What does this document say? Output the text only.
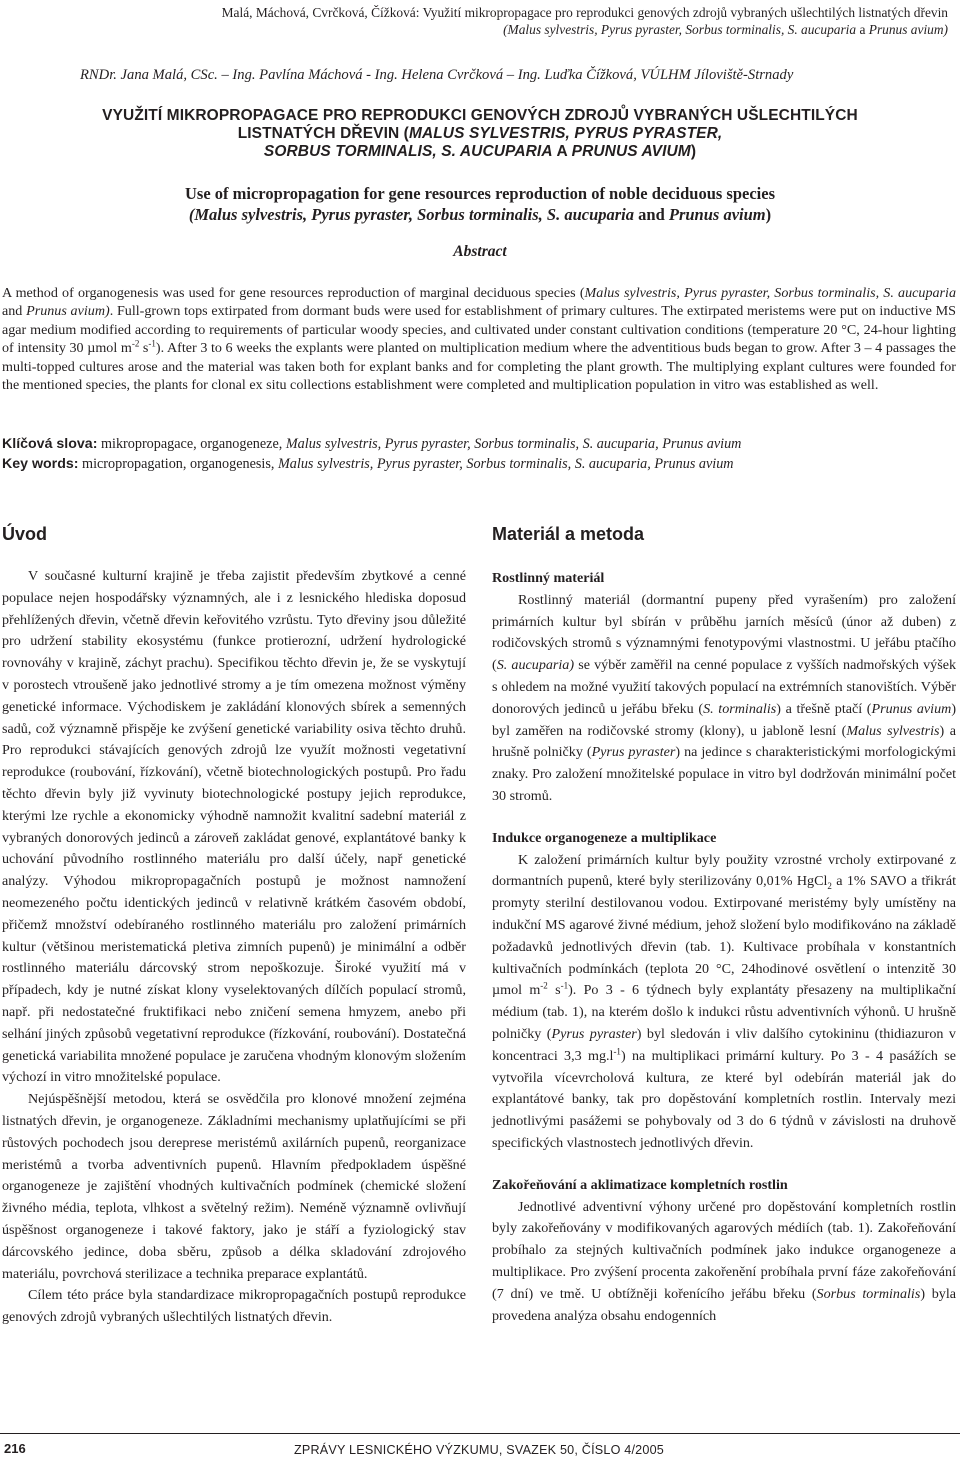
Malá, Máchová, Cvrčková, Čížková: Využití mikropropagace pro reprodukci genových zdrojů vybraných ušlechtilých listnatých dřevin
(Malus sylvestris, Pyrus pyraster, Sorbus torminalis, S. aucuparia a Prunus avium)
RNDr. Jana Malá, CSc. – Ing. Pavlína Máchová - Ing. Helena Cvrčková – Ing. Luďka Čížková, VÚLHM Jíloviště-Strnady
VYUŽITÍ MIKROPROPAGACE PRO REPRODUKCI GENOVÝCH ZDROJŮ VYBRANÝCH UŠLECHTILÝCH
LISTNATÝCH DŘEVIN (MALUS SYLVESTRIS, PYRUS PYRASTER,
SORBUS TORMINALIS, S. AUCUPARIA A PRUNUS AVIUM)
Use of micropropagation for gene resources reproduction of noble deciduous species
(Malus sylvestris, Pyrus pyraster, Sorbus torminalis, S. aucuparia and Prunus avium)
Abstract

A method of organogenesis was used for gene resources reproduction of marginal deciduous species (Malus sylvestris, Pyrus pyraster, Sorbus torminalis, S. aucuparia and Prunus avium). Full-grown tops extirpated from dormant buds were used for establishment of primary cultures. The extirpated meristems were put on inductive MS agar medium modified according to requirements of particular woody species, and cultivated under constant cultivation conditions (temperature 20 °C, 24-hour lighting of intensity 30 µmol $m^{-2}$ $s^{-1}$). After 3 to 6 weeks the explants were planted on multiplication medium where the adventitious buds began to grow. After 3 – 4 passages the multi-topped cultures arose and the material was taken both for explant banks and for completing the plant growth. The multiplying explant cultures were founded for the mentioned species, the plants for clonal ex situ collections establishment were completed and multiplication population in vitro was established as well.

Klíčová slova: mikropropagace, organogeneze, Malus sylvestris, Pyrus pyraster, Sorbus torminalis, S. aucuparia, Prunus avium
Key words: micropropagation, organogenesis, Malus sylvestris, Pyrus pyraster, Sorbus torminalis, S. aucuparia, Prunus avium
Úvod

V současné kulturní krajině je třeba zajistit především zbytkové a cenné populace nejen hospodářsky významných, ale i z lesnického hlediska doposud přehlížených dřevin, včetně dřevin keřovitého vzrůstu. Tyto dřeviny jsou důležité pro udržení stability ekosystému (funkce protierozní, udržení hydrologické rovnováhy v krajině, záchyt prachu). Specifikou těchto dřevin je, že se vyskytují v porostech vtroušeně jako jednotlivé stromy a je tím omezena možnost výměny genetické informace. Východiskem je zakládání klonových sbírek a semenných sadů, což významně přispěje ke zvýšení genetické variability osiva těchto druhů. Pro reprodukci stávajících genových zdrojů lze využít možnosti vegetativní reprodukce (roubování, řízkování), včetně biotechnologických postupů. Pro řadu těchto dřevin byly již vyvinuty biotechnologické postupy jejich reprodukce, kterými lze rychle a ekonomicky výhodně namnožit kvalitní sadební materiál z vybraných donorových jedinců a zároveň zakládat genové, explantátové banky k uchování původního rostlinného materiálu pro další účely, např genetické analýzy. Výhodou mikropropagačních postupů je možnost namnožení neomezeného počtu identických jedinců v relativně krátkém časovém období, přičemž množství odebíraného rostlinného materiálu pro založení primárních kultur (většinou meristematická pletiva zimních pupenů) je minimální a odběr rostlinného materiálu dárcovský strom nepoškozuje. Široké využití má v případech, kdy je nutné získat klony vyselektovaných dílčích populací stromů, např. při nedostatečné fruktifikaci nebo zničení semena hmyzem, anebo při selhání jiných způsobů vegetativní reprodukce (řízkování, roubování). Dostatečná genetická variabilita množené populace je zaručena vhodným klonovým složením výchozí in vitro množitelské populace.

Nejúspěšnější metodou, která se osvědčila pro klonové množení zejména listnatých dřevin, je organogeneze. Základními mechanismy uplatňujícími se při růstových pochodech jsou derepresе meristémů axilárních pupenů, reorganizace meristémů a tvorba adventivních pupenů. Hlavním předpokladem úspěšné organogeneze je zajištění vhodných kultivačních podmínek (chemické složení živného média, teplota, vlhkost a světelný režim). Neméně významně ovlivňují úspěšnost organogeneze i takové faktory, jako je stáří a fyziologický stav dárcovského jedince, doba sběru, způsob a délka skladování zdrojového materiálu, povrchová sterilizace a technika preparace explantátů.

Cílem této práce byla standardizace mikropropagačních postupů reprodukce genových zdrojů vybraných ušlechtilých listnatých dřevin.

Materiál a metoda
Rostlinný materiál

Rostlinný materiál (dormantní pupeny před vyrašením) pro založení primárních kultur byl sbírán v průběhu jarních měsíců (únor až duben) z rodičovských stromů s významnými fenotypovými vlastnostmi. U jeřábu ptačího (S. aucuparia) se výběr zaměřil na cenné populace z vyšších nadmořských výšek s ohledem na možné využití takových populací na extrémních stanovištích. Výběr donorových jedinců u jeřábu břeku (S. torminalis) a třešně ptačí (Prunus avium) byl zaměřen na rodičovské stromy (klony), u jabloně lesní (Malus sylvestris) a hrušně polničky (Pyrus pyraster) na jedince s charakteristickými morfologickými znaky. Pro založení množitelské populace in vitro byl dodržován minimální počet 30 stromů.

Indukce organogeneze a multiplikace

K založení primárních kultur byly použity vzrostné vrcholy extirpované z dormantních pupenů, které byly sterilizovány 0,01% HgCl$_2$ a 1% SAVO a třikrát promyty sterilní destilovanou vodou. Extirpované meristémy byly umístěny na indukční MS agarové živné médium, jehož složení bylo modifikováno na základě požadavků jednotlivých dřevin (tab. 1). Kultivace probíhala v konstantních kultivačních podmínkách (teplota 20 °C, 24hodinové osvětlení o intenzitě 30 µmol $m^{-2}$ $s^{-1}$). Po 3 - 6 týdnech byly explantáty přesazeny na multiplikační médium (tab. 1), na kterém došlo k indukci růstu adventivních výhonů. U hrušně polničky (Pyrus pyraster) byl sledován i vliv dalšího cytokininu (thidiazuron v koncentraci 3,3 $mg.l^{-1}$) na multiplikaci primární kultury. Po 3 - 4 pasážích se vytvořila vícevrcholová kultura, ze které byl odebírán materiál jak do explantátové banky, tak pro dopěstování kompletních rostlin. Intervaly mezi jednotlivými pasážemi se pohybovaly od 3 do 6 týdnů v závislosti na druhově specifických vlastnostech jednotlivých dřevin.

Zakořeňování a aklimatizace kompletních rostlin

Jednotlivé adventivní výhony určené pro dopěstování kompletních rostlin byly zakořeňovány v modifikovaných agarových médiích (tab. 1). Zakořeňování probíhalo za stejných kultivačních podmínek jako indukce organogeneze a multiplikace. Pro zvýšení procenta zakořenění probíhala první fáze zakořeňování (7 dní) ve tmě. U obtížněji kořenícího jeřábu břeku (Sorbus torminalis) byla provedena analýza obsahu endogenních

216	ZPRÁVY LESNICKÉHO VÝZKUMU, SVAZEK 50, ČÍSLO 4/2005
